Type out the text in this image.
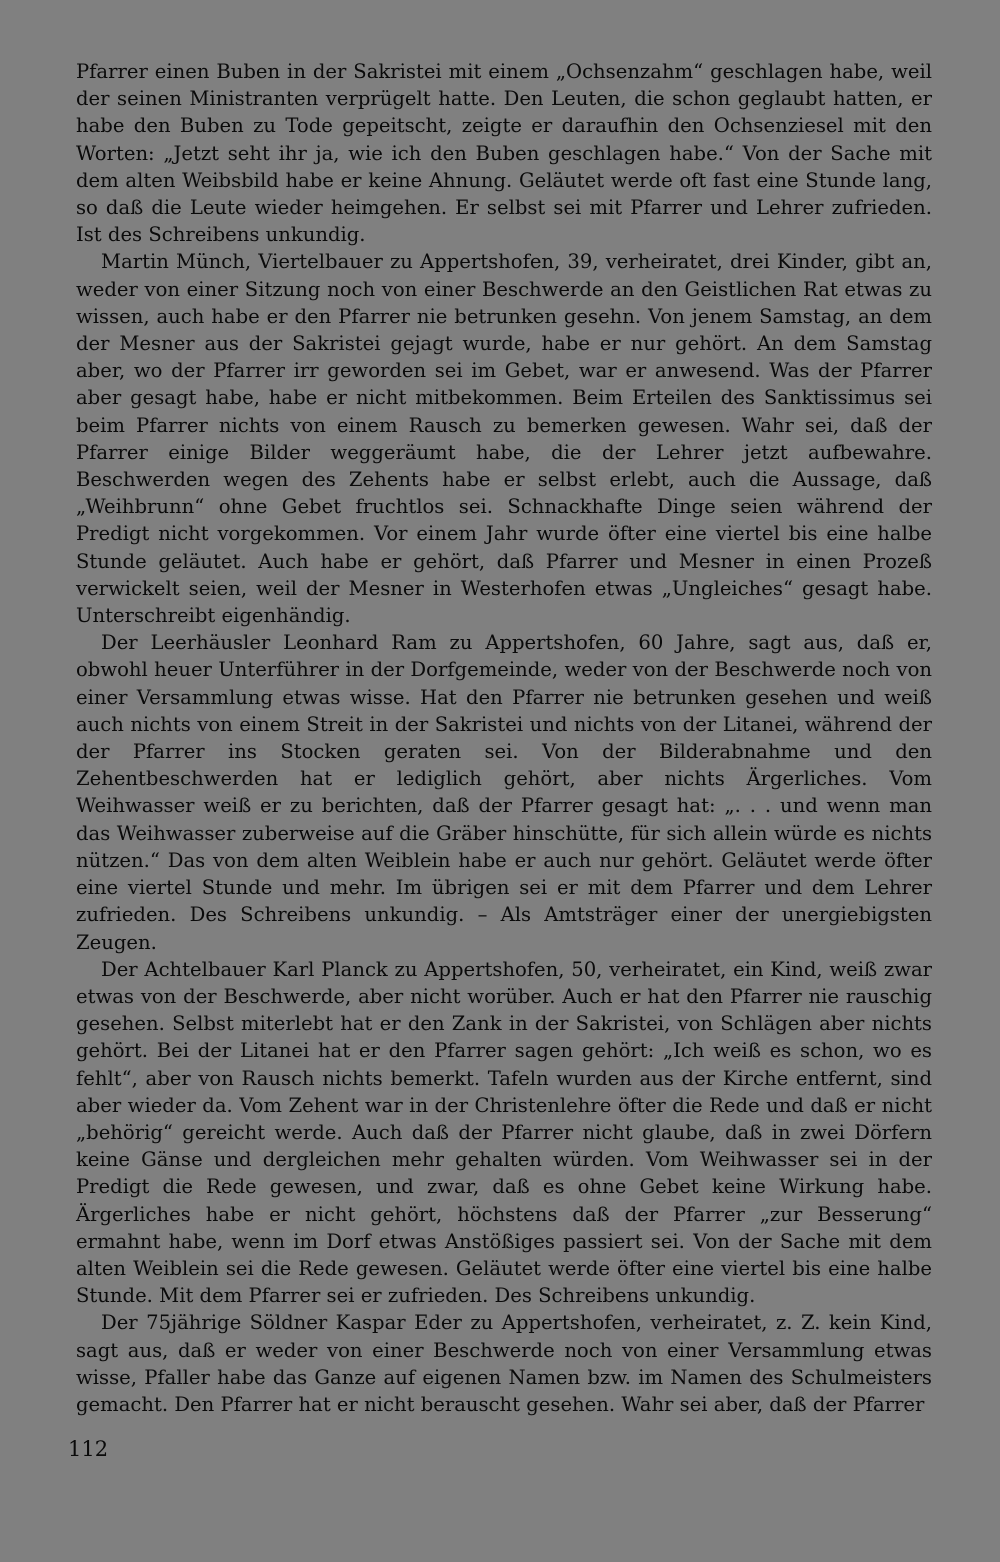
Pfarrer einen Buben in der Sakristei mit einem „Ochsenzahm“ geschlagen habe, weil der seinen Ministranten verprügelt hatte. Den Leuten, die schon geglaubt hatten, er habe den Buben zu Tode gepeitscht, zeigte er daraufhin den Ochsenziesel mit den Worten: „Jetzt seht ihr ja, wie ich den Buben geschlagen habe.“ Von der Sache mit dem alten Weibsbild habe er keine Ahnung. Geläutet werde oft fast eine Stunde lang, so daß die Leute wieder heimgehen. Er selbst sei mit Pfarrer und Lehrer zufrieden. Ist des Schreibens unkundig.

Martin Münch, Viertelbauer zu Appertshofen, 39, verheiratet, drei Kinder, gibt an, weder von einer Sitzung noch von einer Beschwerde an den Geistlichen Rat etwas zu wissen, auch habe er den Pfarrer nie betrunken gesehn. Von jenem Samstag, an dem der Mesner aus der Sakristei gejagt wurde, habe er nur gehört. An dem Samstag aber, wo der Pfarrer irr geworden sei im Gebet, war er anwesend. Was der Pfarrer aber gesagt habe, habe er nicht mitbekommen. Beim Erteilen des Sanktissimus sei beim Pfarrer nichts von einem Rausch zu bemerken gewesen. Wahr sei, daß der Pfarrer einige Bilder weggeräumt habe, die der Lehrer jetzt aufbewahre. Beschwerden wegen des Zehents habe er selbst erlebt, auch die Aussage, daß „Weihbrunn“ ohne Gebet fruchtlos sei. Schnackhafte Dinge seien während der Predigt nicht vorgekommen. Vor einem Jahr wurde öfter eine viertel bis eine halbe Stunde geläutet. Auch habe er gehört, daß Pfarrer und Mesner in einen Prozeß verwickelt seien, weil der Mesner in Westerhofen etwas „Ungleiches“ gesagt habe. Unterschreibt eigenhändig.

Der Leerhäusler Leonhard Ram zu Appertshofen, 60 Jahre, sagt aus, daß er, obwohl heuer Unterführer in der Dorfgemeinde, weder von der Beschwerde noch von einer Versammlung etwas wisse. Hat den Pfarrer nie betrunken gesehen und weiß auch nichts von einem Streit in der Sakristei und nichts von der Litanei, während der der Pfarrer ins Stocken geraten sei. Von der Bilderabnahme und den Zehentbeschwerden hat er lediglich gehört, aber nichts Ärgerliches. Vom Weihwasser weiß er zu berichten, daß der Pfarrer gesagt hat: „. . . und wenn man das Weihwasser zuberweise auf die Gräber hinschütte, für sich allein würde es nichts nützen.“ Das von dem alten Weiblein habe er auch nur gehört. Geläutet werde öfter eine viertel Stunde und mehr. Im übrigen sei er mit dem Pfarrer und dem Lehrer zufrieden. Des Schreibens unkundig. – Als Amtsträger einer der unergiebigsten Zeugen.

Der Achtelbauer Karl Planck zu Appertshofen, 50, verheiratet, ein Kind, weiß zwar etwas von der Beschwerde, aber nicht worüber. Auch er hat den Pfarrer nie rauschig gesehen. Selbst miterlebt hat er den Zank in der Sakristei, von Schlägen aber nichts gehört. Bei der Litanei hat er den Pfarrer sagen gehört: „Ich weiß es schon, wo es fehlt“, aber von Rausch nichts bemerkt. Tafeln wurden aus der Kirche entfernt, sind aber wieder da. Vom Zehent war in der Christenlehre öfter die Rede und daß er nicht „behörig“ gereicht werde. Auch daß der Pfarrer nicht glaube, daß in zwei Dörfern keine Gänse und dergleichen mehr gehalten würden. Vom Weihwasser sei in der Predigt die Rede gewesen, und zwar, daß es ohne Gebet keine Wirkung habe. Ärgerliches habe er nicht gehört, höchstens daß der Pfarrer „zur Besserung“ ermahnt habe, wenn im Dorf etwas Anstößiges passiert sei. Von der Sache mit dem alten Weiblein sei die Rede gewesen. Geläutet werde öfter eine viertel bis eine halbe Stunde. Mit dem Pfarrer sei er zufrieden. Des Schreibens unkundig.

Der 75jährige Söldner Kaspar Eder zu Appertshofen, verheiratet, z. Z. kein Kind, sagt aus, daß er weder von einer Beschwerde noch von einer Versammlung etwas wisse, Pfaller habe das Ganze auf eigenen Namen bzw. im Namen des Schulmeisters gemacht. Den Pfarrer hat er nicht berauscht gesehen. Wahr sei aber, daß der Pfarrer

112
